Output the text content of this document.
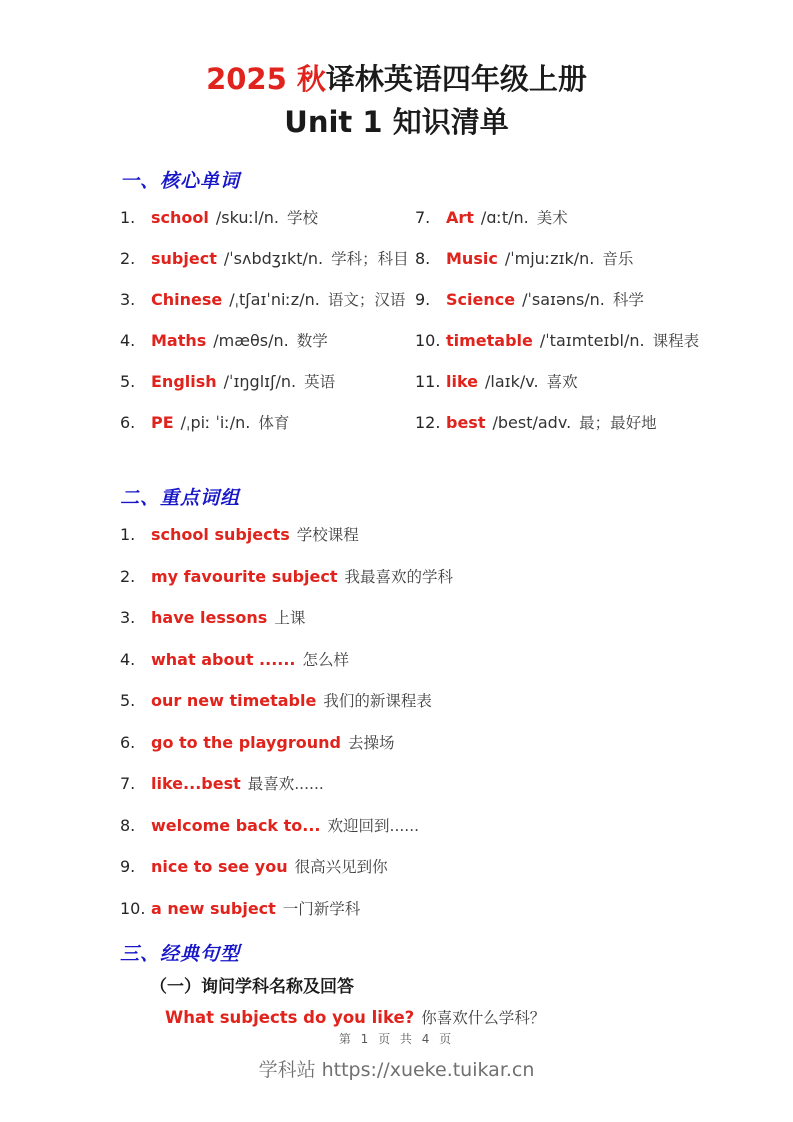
2025 秋译林英语四年级上册
Unit 1 知识清单
一、核心单词
1. school /skuːl/n. 学校
2. subject /ˈsʌbdʒɪkt/n. 学科；科目
3. Chinese /ˌtʃaɪˈniːz/n. 语文；汉语
4. Maths /mæθs/n. 数学
5. English /ˈɪŋglɪʃ/n. 英语
6. PE /ˌpiː ˈiː/n. 体育
7. Art /ɑːt/n. 美术
8. Music /ˈmjuːzɪk/n. 音乐
9. Science /ˈsaɪəns/n. 科学
10. timetable /ˈtaɪmteɪbl/n. 课程表
11. like /laɪk/v. 喜欢
12. best /best/adv. 最；最好地
二、重点词组
1. school subjects 学校课程
2. my favourite subject 我最喜欢的学科
3. have lessons 上课
4. what about ...... 怎么样
5. our new timetable 我们的新课程表
6. go to the playground 去操场
7. like...best 最喜欢......
8. welcome back to... 欢迎回到......
9. nice to see you 很高兴见到你
10. a new subject 一门新学科
三、经典句型
（一）询问学科名称及回答
What subjects do you like? 你喜欢什么学科？
第 1 页 共 4 页
学科站 https://xueke.tuikar.cn
